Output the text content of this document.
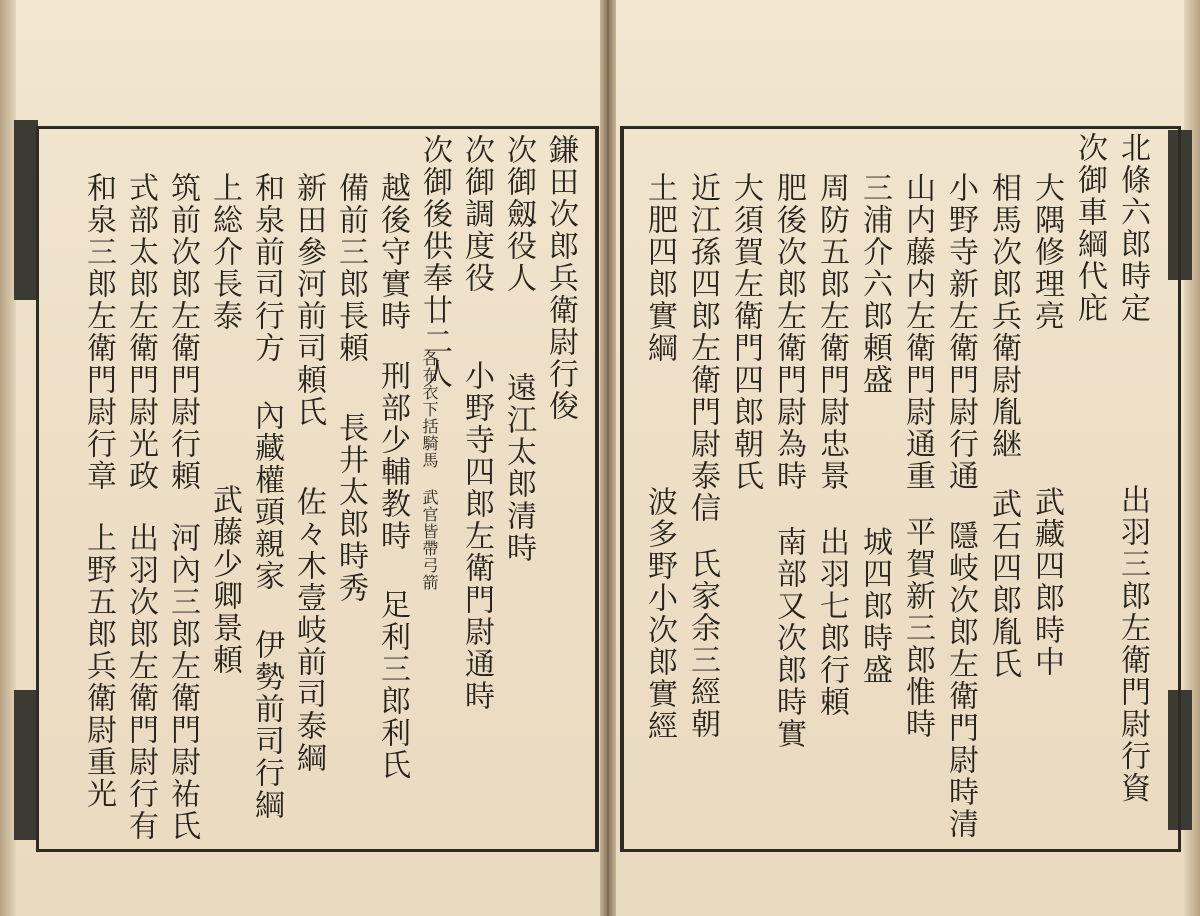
北條六郎時定
出羽三郎左衛門尉行資
次御車綱代庇
大隅修理亮
武藏四郎時中
相馬次郎兵衛尉胤継
武石四郎胤氏
小野寺新左衛門尉行通
隱岐次郎左衛門尉時清
山内藤内左衛門尉通重
平賀新三郎惟時
三浦介六郎頼盛
城四郎時盛
周防五郎左衛門尉忠景
出羽七郎行頼
肥後次郎左衛門尉為時
南部又次郎時實
大須賀左衛門四郎朝氏
近江孫四郎左衛門尉泰信
氏家余三經朝
土肥四郎實綱
波多野小次郎實經
鎌田次郎兵衛尉行俊
次御劔役人
遠江太郎清時
次御調度役
小野寺四郎左衛門尉通時
次御後供奉廿二人
各布衣下括騎馬 武官皆帶弓箭
越後守實時
刑部少輔教時 足利三郎利氏
備前三郎長頼
長井太郎時秀
新田參河前司頼氏
佐々木壹岐前司泰綱
和泉前司行方
內藏權頭親家 伊勢前司行綱
上総介長泰
武藤少卿景頼
筑前次郎左衛門尉行頼
河內三郎左衛門尉祐氏
式部太郎左衛門尉光政
出羽次郎左衛門尉行有
和泉三郎左衛門尉行章
上野五郎兵衛尉重光
